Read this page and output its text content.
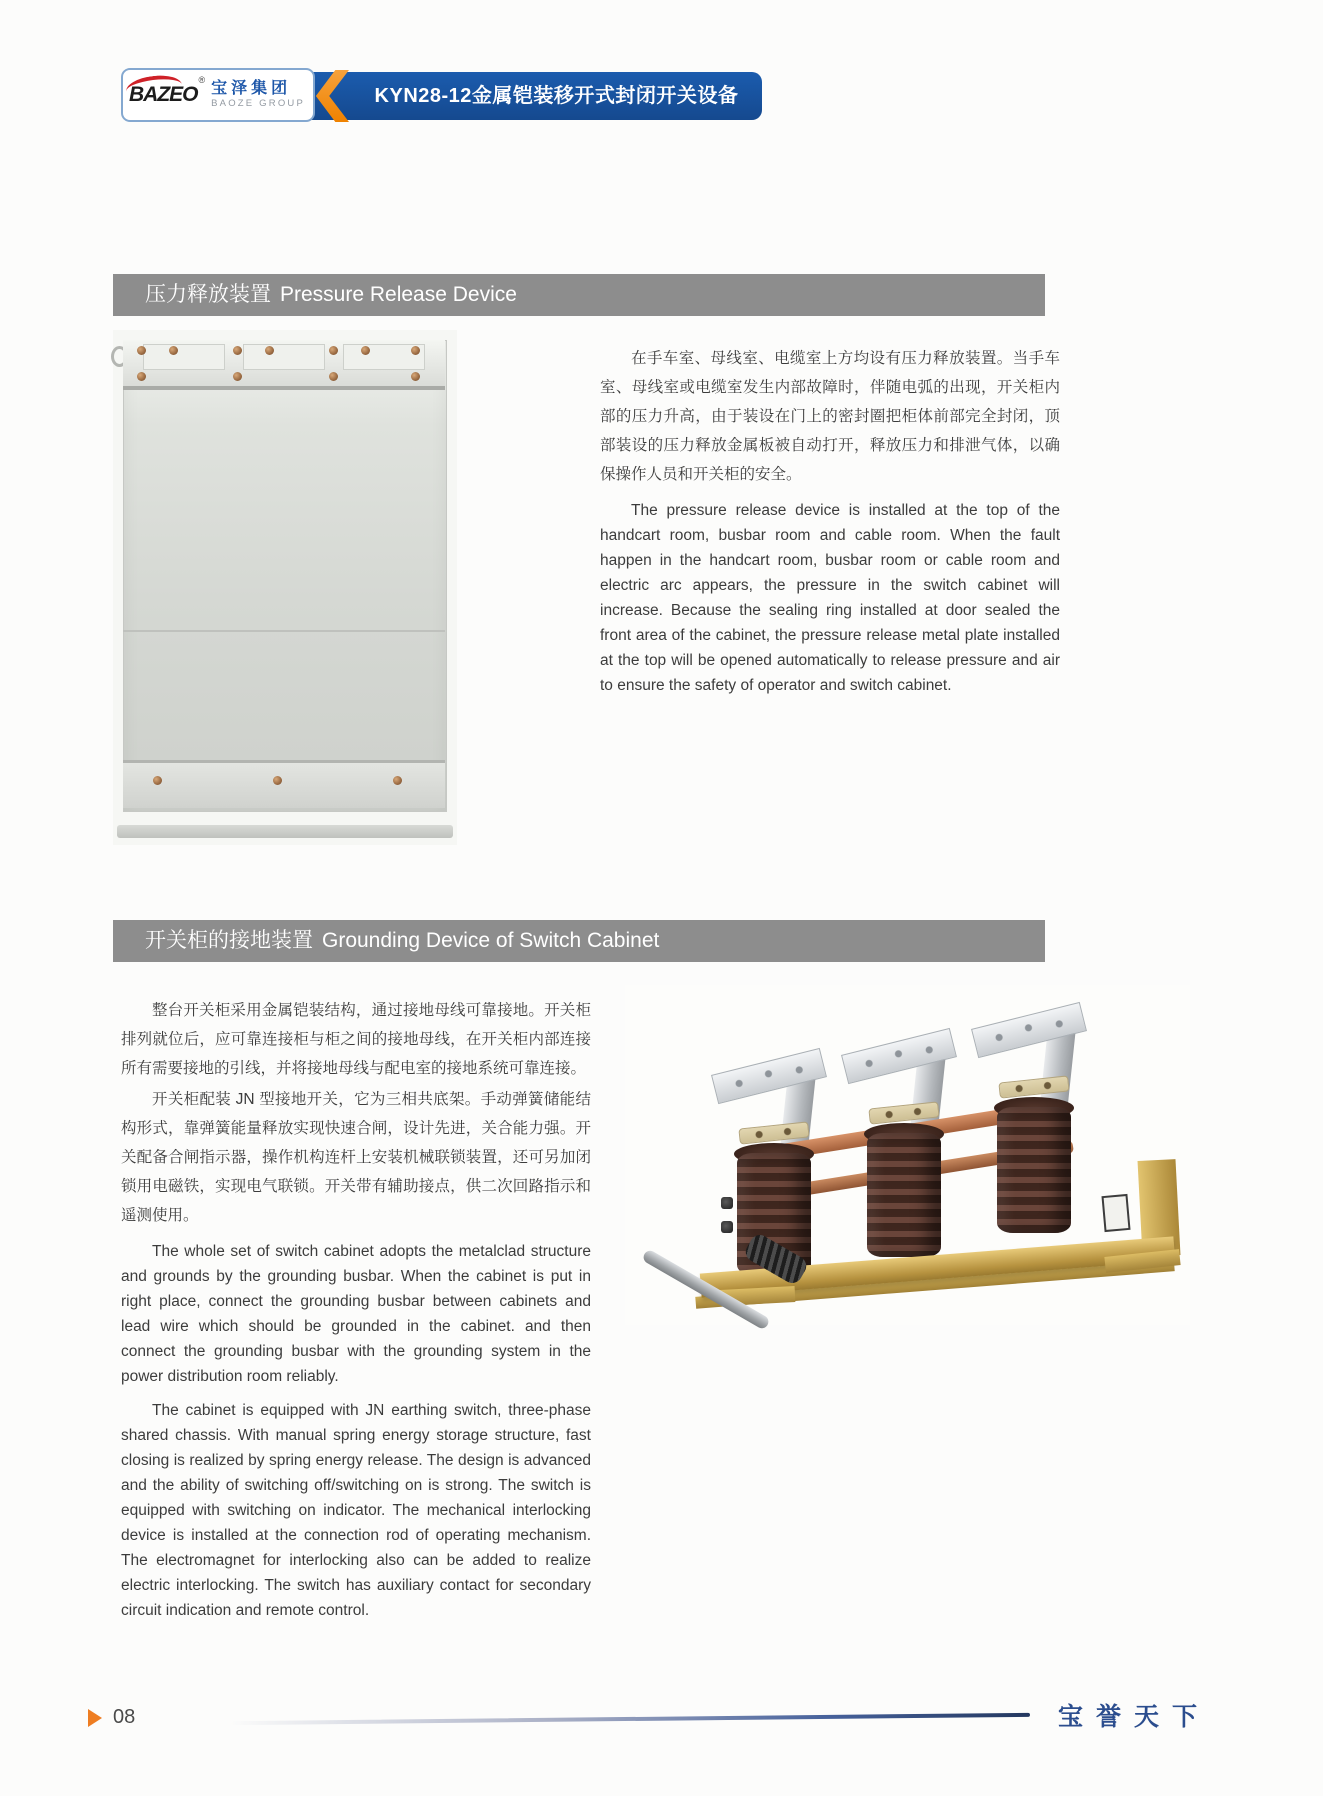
KYN28-12金属铠装移开式封闭开关设备
BAZEO®
宝泽集团
BAOZE GROUP
压力释放装置 Pressure Release Device

在手车室、母线室、电缆室上方均设有压力释放装置。当手车室、母线室或电缆室发生内部故障时，伴随电弧的出现，开关柜内部的压力升高，由于装设在门上的密封圈把柜体前部完全封闭，顶部装设的压力释放金属板被自动打开，释放压力和排泄气体，以确保操作人员和开关柜的安全。

The pressure release device is installed at the top of the handcart room, busbar room and cable room. When the fault happen in the handcart room, busbar room or cable room and electric arc appears, the pressure in the switch cabinet will increase. Because the sealing ring installed at door sealed the front area of the cabinet, the pressure release metal plate installed at the top will be opened automatically to release pressure and air to ensure the safety of operator and switch cabinet.

开关柜的接地装置 Grounding Device of Switch Cabinet

整台开关柜采用金属铠装结构，通过接地母线可靠接地。开关柜排列就位后，应可靠连接柜与柜之间的接地母线，在开关柜内部连接所有需要接地的引线，并将接地母线与配电室的接地系统可靠连接。

开关柜配装 JN 型接地开关，它为三相共底架。手动弹簧储能结构形式，靠弹簧能量释放实现快速合闸，设计先进，关合能力强。开关配备合闸指示器，操作机构连杆上安装机械联锁装置，还可另加闭锁用电磁铁，实现电气联锁。开关带有辅助接点，供二次回路指示和遥测使用。

The whole set of switch cabinet adopts the metalclad structure and grounds by the grounding busbar. When the cabinet is put in right place, connect the grounding busbar between cabinets and lead wire which should be grounded in the cabinet. and then connect the grounding busbar with the grounding system in the power distribution room reliably.

The cabinet is equipped with JN earthing switch, three-phase shared chassis. With manual spring energy storage structure, fast closing is realized by spring energy release. The design is advanced and the ability of switching off/switching on is strong. The switch is equipped with switching on indicator. The mechanical interlocking device is installed at the connection rod of operating mechanism. The electromagnet for interlocking also can be added to realize electric interlocking. The switch has auxiliary contact for secondary circuit indication and remote control.

08	宝誉天下
